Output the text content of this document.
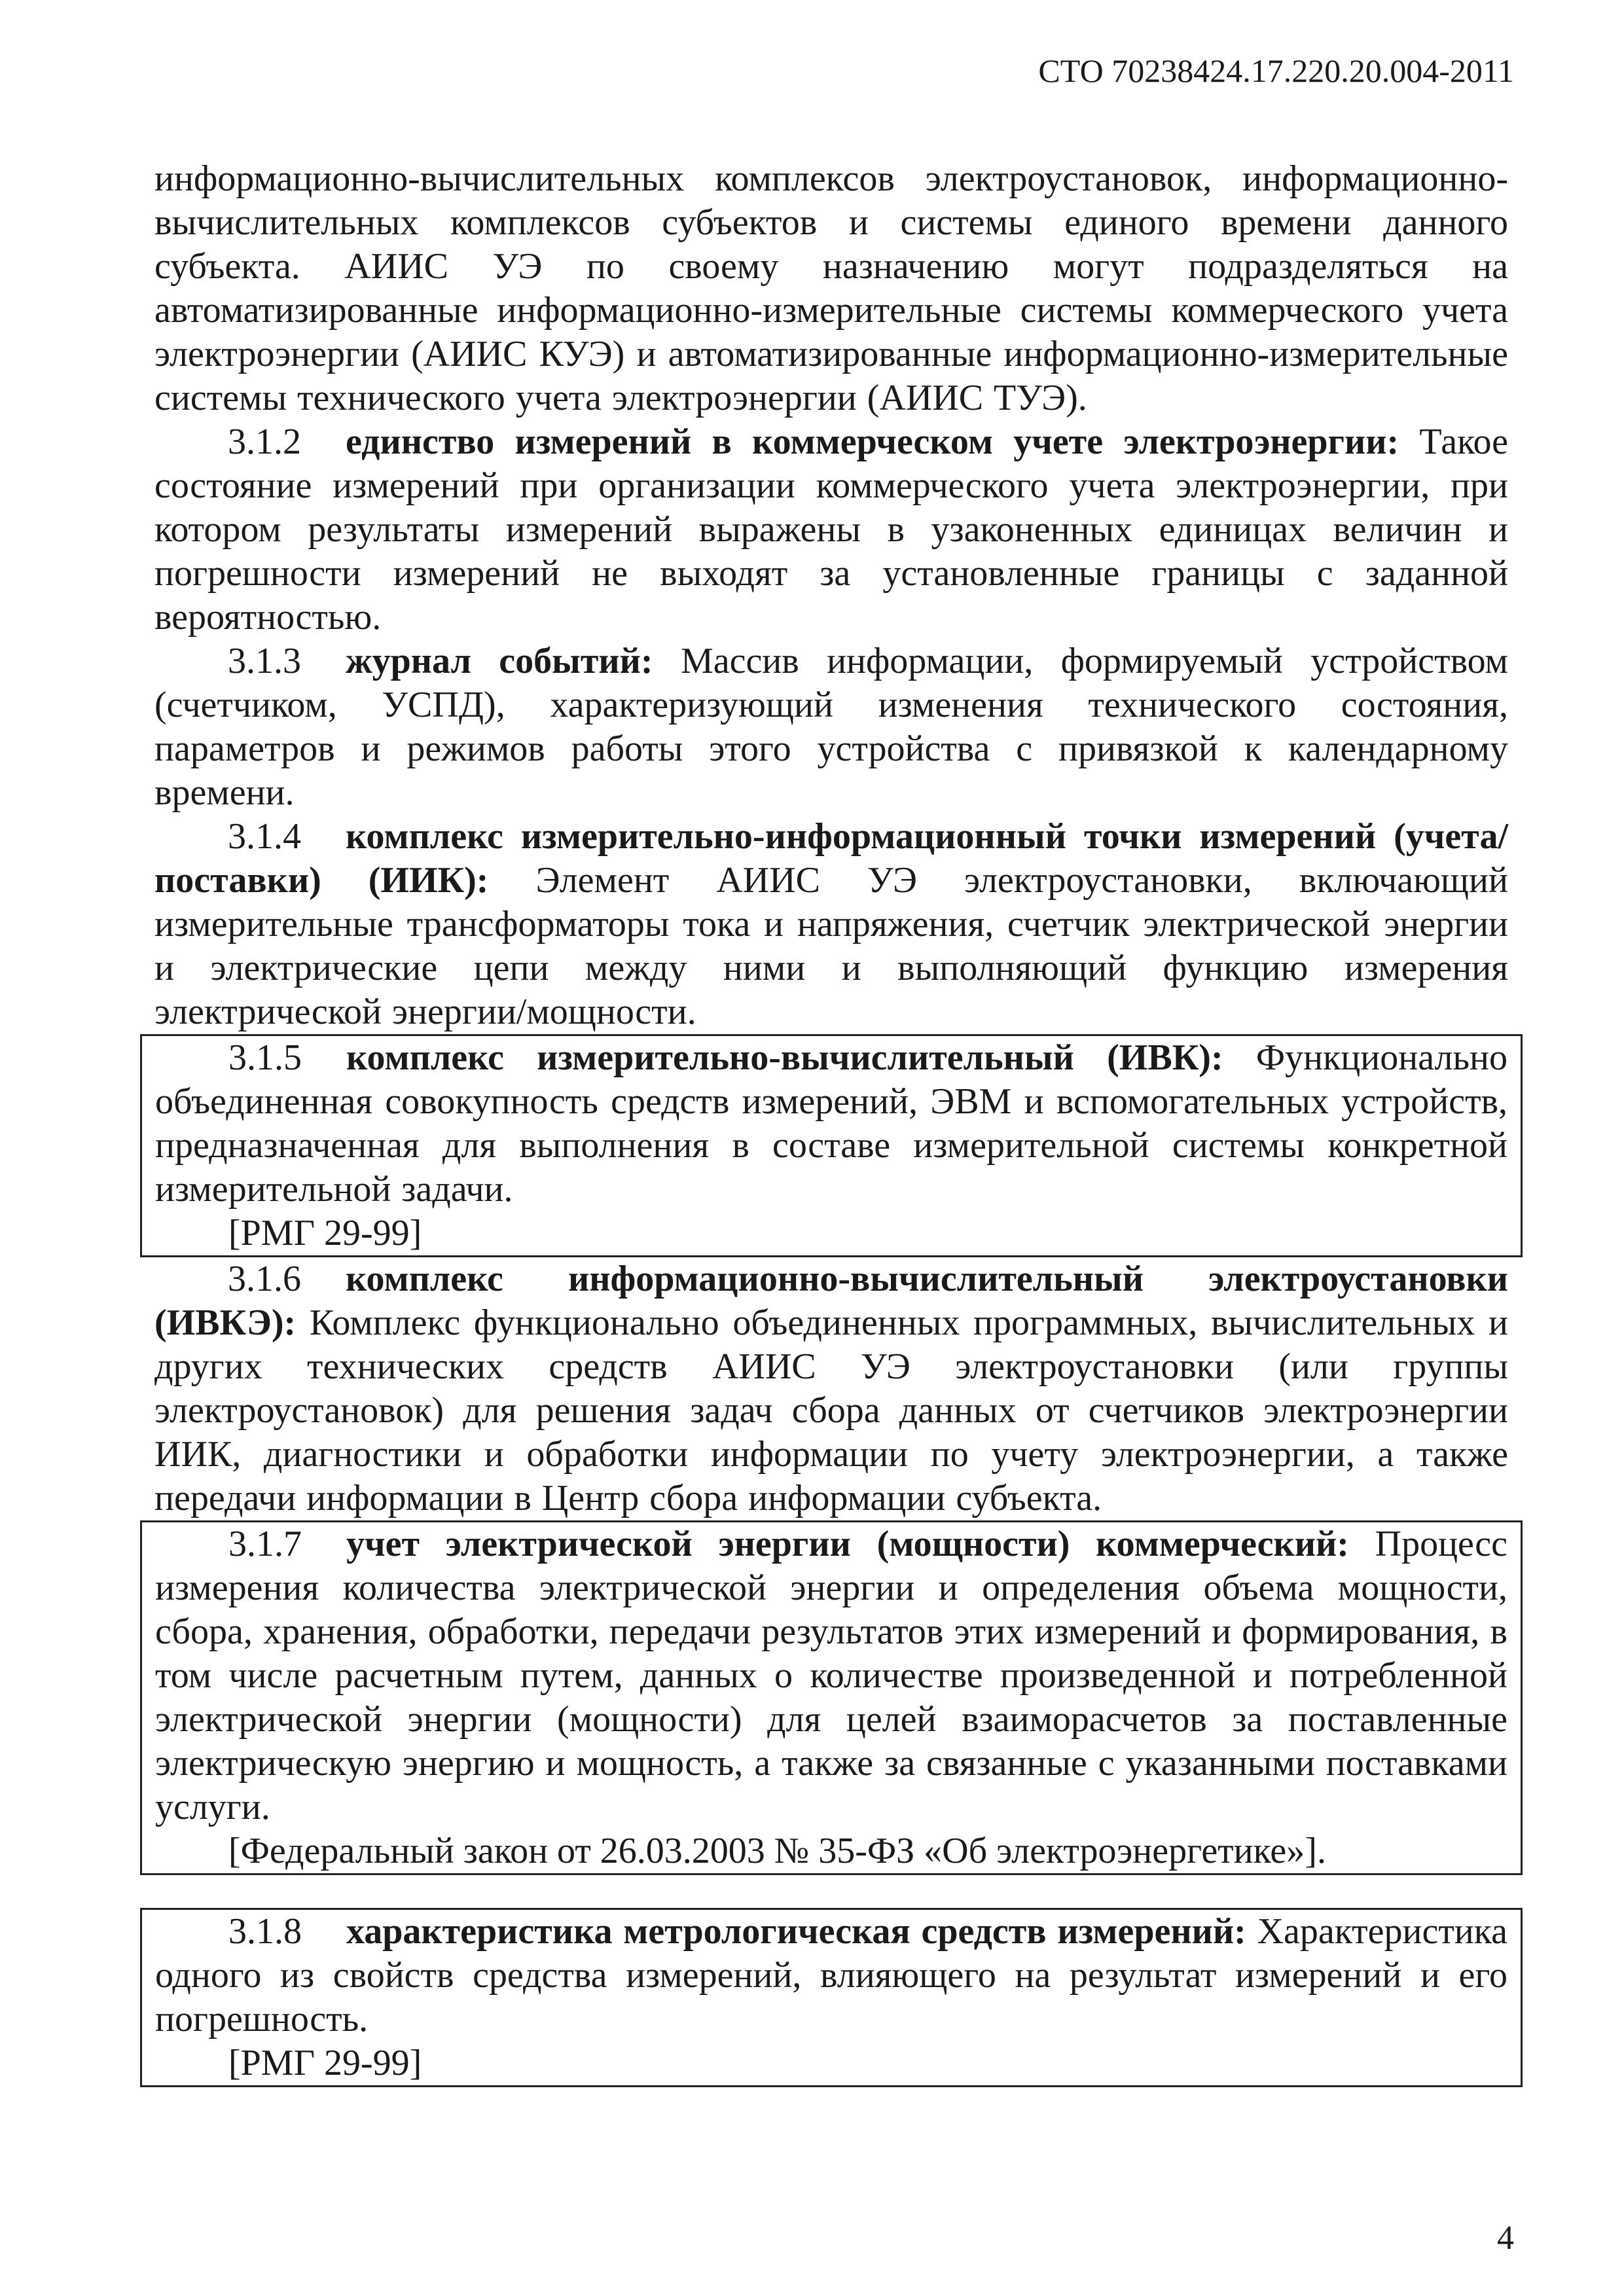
СТО 70238424.17.220.20.004-2011

информационно-вычислительных комплексов электроустановок, информационно-вычислительных комплексов субъектов и системы единого времени данного субъекта. АИИС УЭ по своему назначению могут подразделяться на автоматизированные информационно-измерительные системы коммерческого учета электроэнергии (АИИС КУЭ) и автоматизированные информационно-измерительные системы технического учета электроэнергии (АИИС ТУЭ).

3.1.2 единство измерений в коммерческом учете электроэнергии: Такое состояние измерений при организации коммерческого учета электроэнергии, при котором результаты измерений выражены в узаконенных единицах величин и погрешности измерений не выходят за установленные границы с заданной вероятностью.

3.1.3 журнал событий: Массив информации, формируемый устройством (счетчиком, УСПД), характеризующий изменения технического состояния, параметров и режимов работы этого устройства с привязкой к календарному времени.

3.1.4 комплекс измерительно-информационный точки измерений (учета/поставки) (ИИК): Элемент АИИС УЭ электроустановки, включающий измерительные трансформаторы тока и напряжения, счетчик электрической энергии и электрические цепи между ними и выполняющий функцию измерения электрической энергии/мощности.

3.1.5 комплекс измерительно-вычислительный (ИВК): Функционально объединенная совокупность средств измерений, ЭВМ и вспомогательных устройств, предназначенная для выполнения в составе измерительной системы конкретной измерительной задачи.

[РМГ 29-99]

3.1.6 комплекс информационно-вычислительный электроустановки (ИВКЭ): Комплекс функционально объединенных программных, вычислительных и других технических средств АИИС УЭ электроустановки (или группы электроустановок) для решения задач сбора данных от счетчиков электроэнергии ИИК, диагностики и обработки информации по учету электроэнергии, а также передачи информации в Центр сбора информации субъекта.

3.1.7 учет электрической энергии (мощности) коммерческий: Процесс измерения количества электрической энергии и определения объема мощности, сбора, хранения, обработки, передачи результатов этих измерений и формирования, в том числе расчетным путем, данных о количестве произведенной и потребленной электрической энергии (мощности) для целей взаиморасчетов за поставленные электрическую энергию и мощность, а также за связанные с указанными поставками услуги.

[Федеральный закон от 26.03.2003 № 35-ФЗ «Об электроэнергетике»].

3.1.8 характеристика метрологическая средств измерений: Характеристика одного из свойств средства измерений, влияющего на результат измерений и его погрешность.

[РМГ 29-99]

4
